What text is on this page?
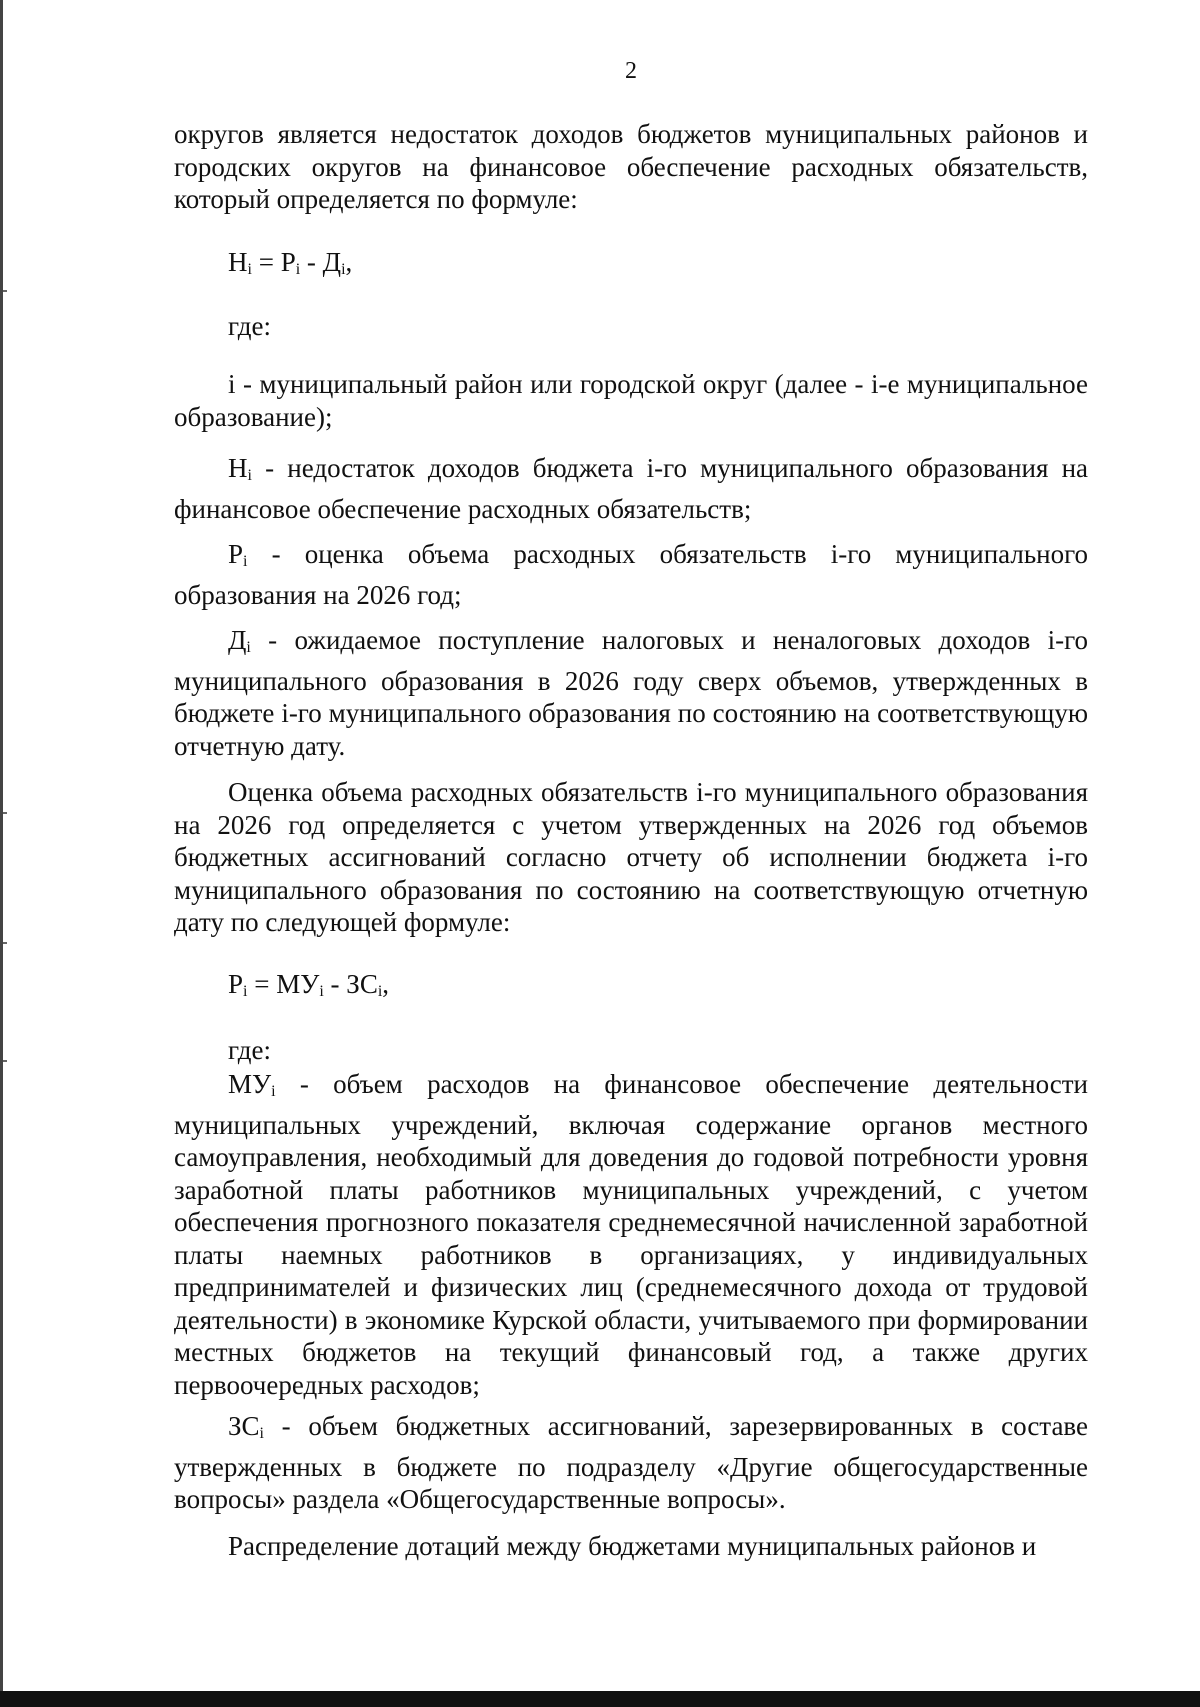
2

округов является недостаток доходов бюджетов муниципальных районов и городских округов на финансовое обеспечение расходных обязательств, который определяется по формуле:

Нi = Рi - Дi,

где:

i - муниципальный район или городской округ (далее - i-е муниципальное образование);

Нi - недостаток доходов бюджета i-го муниципального образования на финансовое обеспечение расходных обязательств;

Рi - оценка объема расходных обязательств i-го муниципального образования на 2026 год;

Дi - ожидаемое поступление налоговых и неналоговых доходов i-го муниципального образования в 2026 году сверх объемов, утвержденных в бюджете i-го муниципального образования по состоянию на соответствующую отчетную дату.

Оценка объема расходных обязательств i-го муниципального образования на 2026 год определяется с учетом утвержденных на 2026 год объемов бюджетных ассигнований согласно отчету об исполнении бюджета i-го муниципального образования по состоянию на соответствующую отчетную дату по следующей формуле:

Рi = МУi - ЗСi,

где:

МУi - объем расходов на финансовое обеспечение деятельности муниципальных учреждений, включая содержание органов местного самоуправления, необходимый для доведения до годовой потребности уровня заработной платы работников муниципальных учреждений, с учетом обеспечения прогнозного показателя среднемесячной начисленной заработной платы наемных работников в организациях, у индивидуальных предпринимателей и физических лиц (среднемесячного дохода от трудовой деятельности) в экономике Курской области, учитываемого при формировании местных бюджетов на текущий финансовый год, а также других первоочередных расходов;

ЗСi - объем бюджетных ассигнований, зарезервированных в составе утвержденных в бюджете по подразделу «Другие общегосударственные вопросы» раздела «Общегосударственные вопросы».

Распределение дотаций между бюджетами муниципальных районов и
